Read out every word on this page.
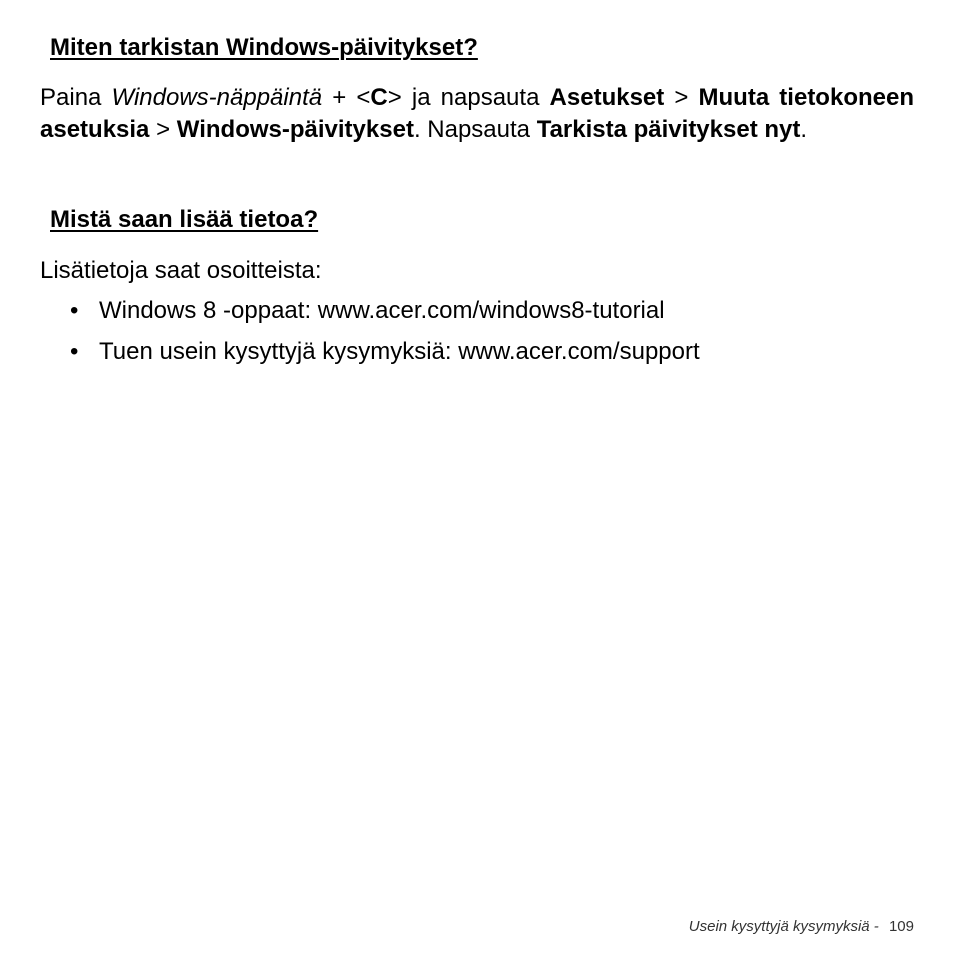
Miten tarkistan Windows-päivitykset?
Paina Windows-näppäintä + <C> ja napsauta Asetukset > Muuta tietokoneen asetuksia > Windows-päivitykset. Napsauta Tarkista päivitykset nyt.
Mistä saan lisää tietoa?
Lisätietoja saat osoitteista:
• Windows 8 -oppaat: www.acer.com/windows8-tutorial
• Tuen usein kysyttyjä kysymyksiä: www.acer.com/support
Usein kysyttyjä kysymyksiä - 109
